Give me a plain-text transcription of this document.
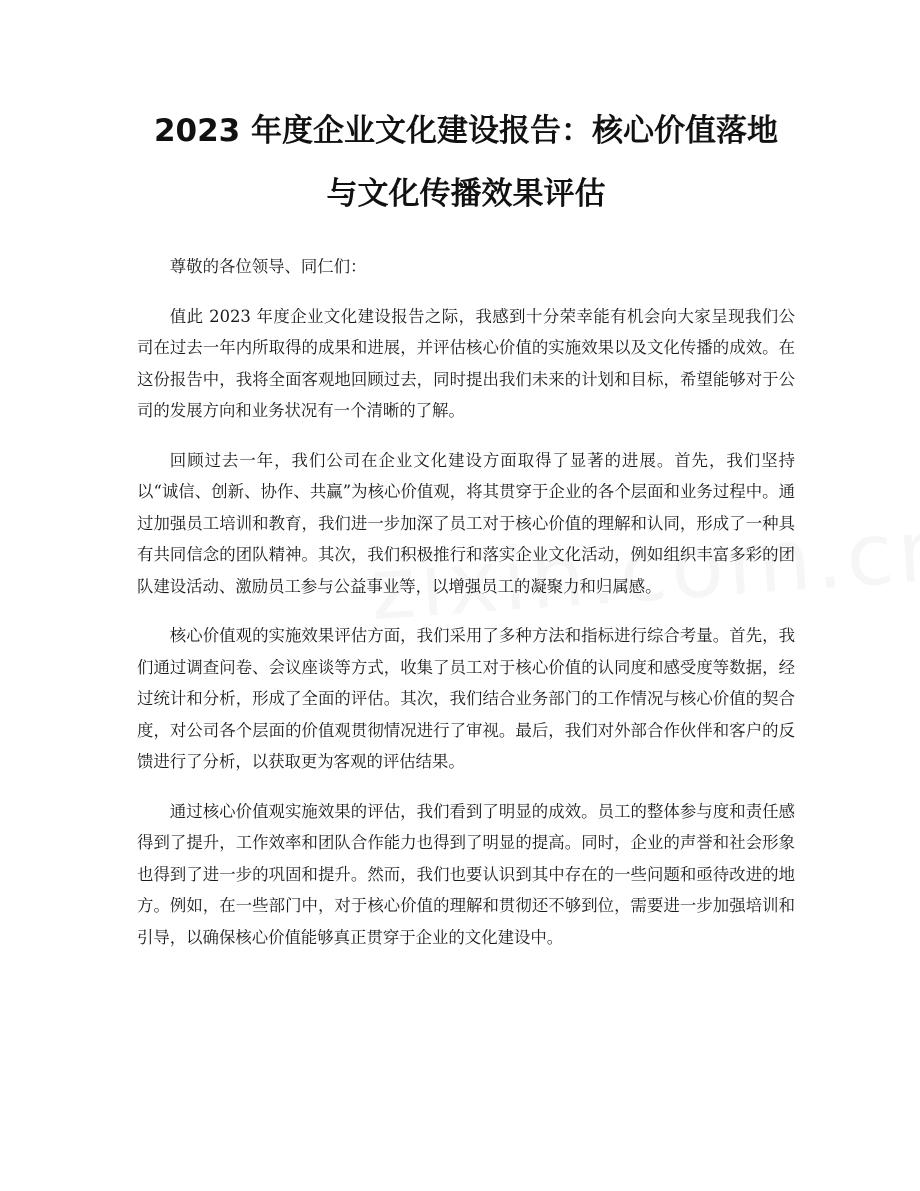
2023 年度企业文化建设报告：核心价值落地
与文化传播效果评估

尊敬的各位领导、同仁们：

值此 2023 年度企业文化建设报告之际，我感到十分荣幸能有机会向大家呈现我们公司在过去一年内所取得的成果和进展，并评估核心价值的实施效果以及文化传播的成效。在这份报告中，我将全面客观地回顾过去，同时提出我们未来的计划和目标，希望能够对于公司的发展方向和业务状况有一个清晰的了解。

回顾过去一年，我们公司在企业文化建设方面取得了显著的进展。首先，我们坚持以“诚信、创新、协作、共赢”为核心价值观，将其贯穿于企业的各个层面和业务过程中。通过加强员工培训和教育，我们进一步加深了员工对于核心价值的理解和认同，形成了一种具有共同信念的团队精神。其次，我们积极推行和落实企业文化活动，例如组织丰富多彩的团队建设活动、激励员工参与公益事业等，以增强员工的凝聚力和归属感。

核心价值观的实施效果评估方面，我们采用了多种方法和指标进行综合考量。首先，我们通过调查问卷、会议座谈等方式，收集了员工对于核心价值的认同度和感受度等数据，经过统计和分析，形成了全面的评估。其次，我们结合业务部门的工作情况与核心价值的契合度，对公司各个层面的价值观贯彻情况进行了审视。最后，我们对外部合作伙伴和客户的反馈进行了分析，以获取更为客观的评估结果。

通过核心价值观实施效果的评估，我们看到了明显的成效。员工的整体参与度和责任感得到了提升，工作效率和团队合作能力也得到了明显的提高。同时，企业的声誉和社会形象也得到了进一步的巩固和提升。然而，我们也要认识到其中存在的一些问题和亟待改进的地方。例如，在一些部门中，对于核心价值的理解和贯彻还不够到位，需要进一步加强培训和引导，以确保核心价值能够真正贯穿于企业的文化建设中。
